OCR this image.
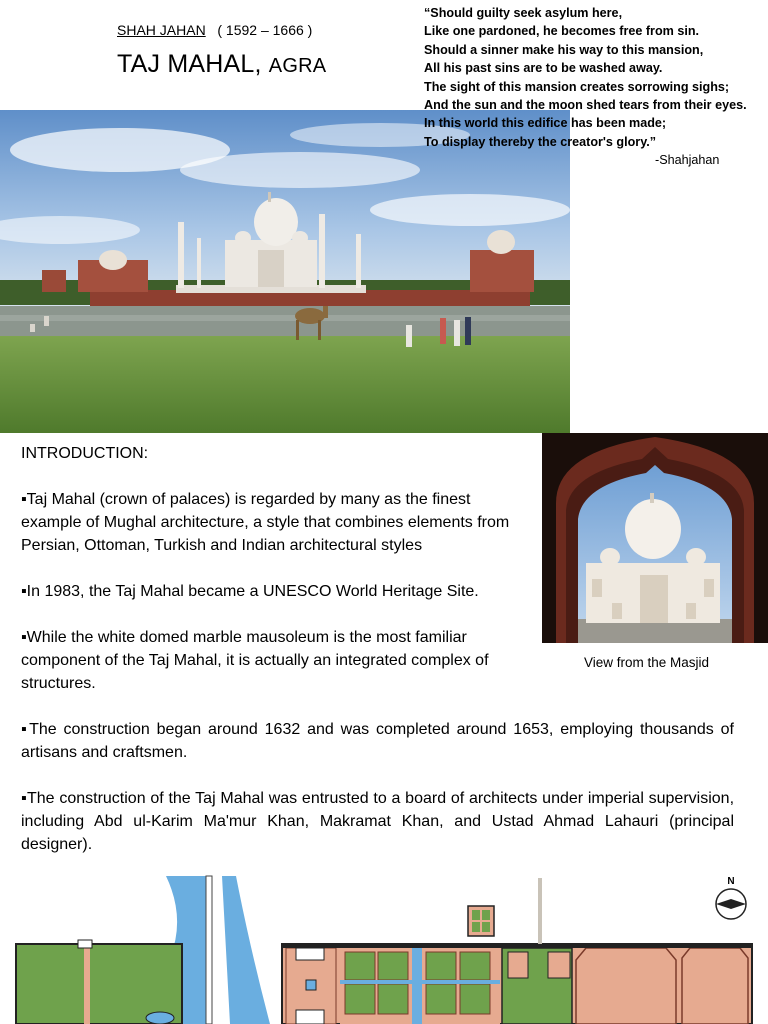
SHAH JAHAN ( 1592 – 1666 )
TAJ MAHAL, AGRA
“Should guilty seek asylum here,
Like one pardoned, he becomes free from sin.
Should a sinner make his way to this mansion,
All his past sins are to be washed away.
The sight of this mansion creates sorrowing sighs;
And the sun and the moon shed tears from their eyes.
In this world this edifice has been made;
To display thereby the creator's glory.”
-Shahjahan
View from the Masjid

INTRODUCTION:

▪ Taj Mahal (crown of palaces) is regarded by many as the finest example of Mughal architecture, a style that combines elements from Persian, Ottoman, Turkish and Indian architectural styles

▪ In 1983, the Taj Mahal became a UNESCO World Heritage Site.

▪ While the white domed marble mausoleum is the most familiar component of the Taj Mahal, it is actually an integrated complex of structures.

▪ The construction began around 1632 and was completed around 1653, employing thousands of artisans and craftsmen.

▪ The construction of the Taj Mahal was entrusted to a board of architects under imperial supervision, including Abd ul-Karim Ma'mur Khan, Makramat Khan, and Ustad Ahmad Lahauri (principal designer).

N
